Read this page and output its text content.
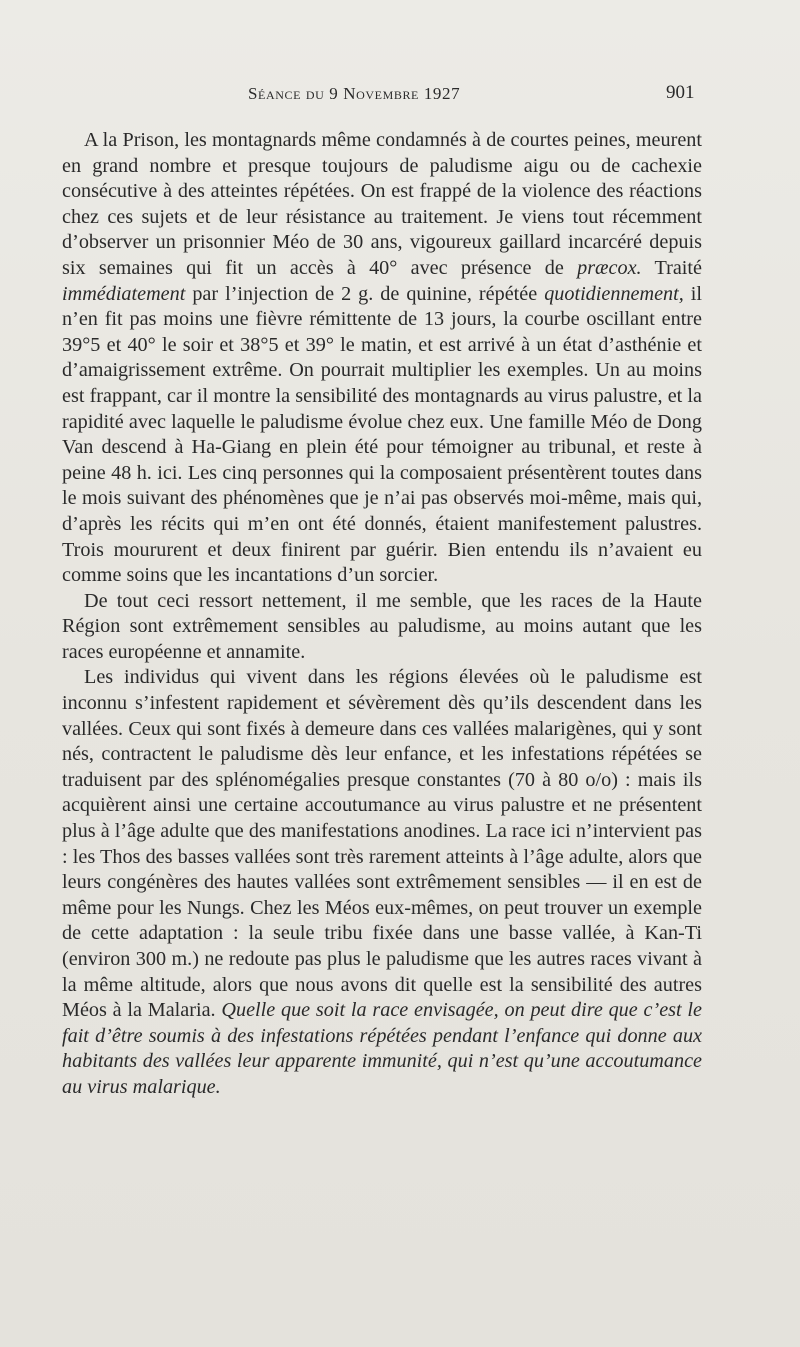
Séance du 9 Novembre 1927	901

A la Prison, les montagnards même condamnés à de courtes peines, meurent en grand nombre et presque toujours de paludisme aigu ou de cachexie consécutive à des atteintes répétées. On est frappé de la violence des réactions chez ces sujets et de leur résistance au traitement. Je viens tout récemment d’observer un prisonnier Méo de 30 ans, vigoureux gaillard incarcéré depuis six semaines qui fit un accès à 40° avec présence de præcox. Traité immédiatement par l’injection de 2 g. de quinine, répétée quotidiennement, il n’en fit pas moins une fièvre rémittente de 13 jours, la courbe oscillant entre 39°5 et 40° le soir et 38°5 et 39° le matin, et est arrivé à un état d’asthénie et d’amaigrissement extrême. On pourrait multiplier les exemples. Un au moins est frappant, car il montre la sensibilité des montagnards au virus palustre, et la rapidité avec laquelle le paludisme évolue chez eux. Une famille Méo de Dong Van descend à Ha-Giang en plein été pour témoigner au tribunal, et reste à peine 48 h. ici. Les cinq personnes qui la composaient présentèrent toutes dans le mois suivant des phénomènes que je n’ai pas observés moi-même, mais qui, d’après les récits qui m’en ont été donnés, étaient manifestement palustres. Trois moururent et deux finirent par guérir. Bien entendu ils n’avaient eu comme soins que les incantations d’un sorcier.

De tout ceci ressort nettement, il me semble, que les races de la Haute Région sont extrêmement sensibles au paludisme, au moins autant que les races européenne et annamite.

Les individus qui vivent dans les régions élevées où le paludisme est inconnu s’infestent rapidement et sévèrement dès qu’ils descendent dans les vallées. Ceux qui sont fixés à demeure dans ces vallées malarigènes, qui y sont nés, contractent le paludisme dès leur enfance, et les infestations répétées se traduisent par des splénomégalies presque constantes (70 à 80 o/o) : mais ils acquièrent ainsi une certaine accoutumance au virus palustre et ne présentent plus à l’âge adulte que des manifestations anodines. La race ici n’intervient pas : les Thos des basses vallées sont très rarement atteints à l’âge adulte, alors que leurs congénères des hautes vallées sont extrêmement sensibles — il en est de même pour les Nungs. Chez les Méos eux-mêmes, on peut trouver un exemple de cette adaptation : la seule tribu fixée dans une basse vallée, à Kan-Ti (environ 300 m.) ne redoute pas plus le paludisme que les autres races vivant à la même altitude, alors que nous avons dit quelle est la sensibilité des autres Méos à la Malaria. Quelle que soit la race envisagée, on peut dire que c’est le fait d’être soumis à des infestations répétées pendant l’enfance qui donne aux habitants des vallées leur apparente immunité, qui n’est qu’une accoutumance au virus malarique.
